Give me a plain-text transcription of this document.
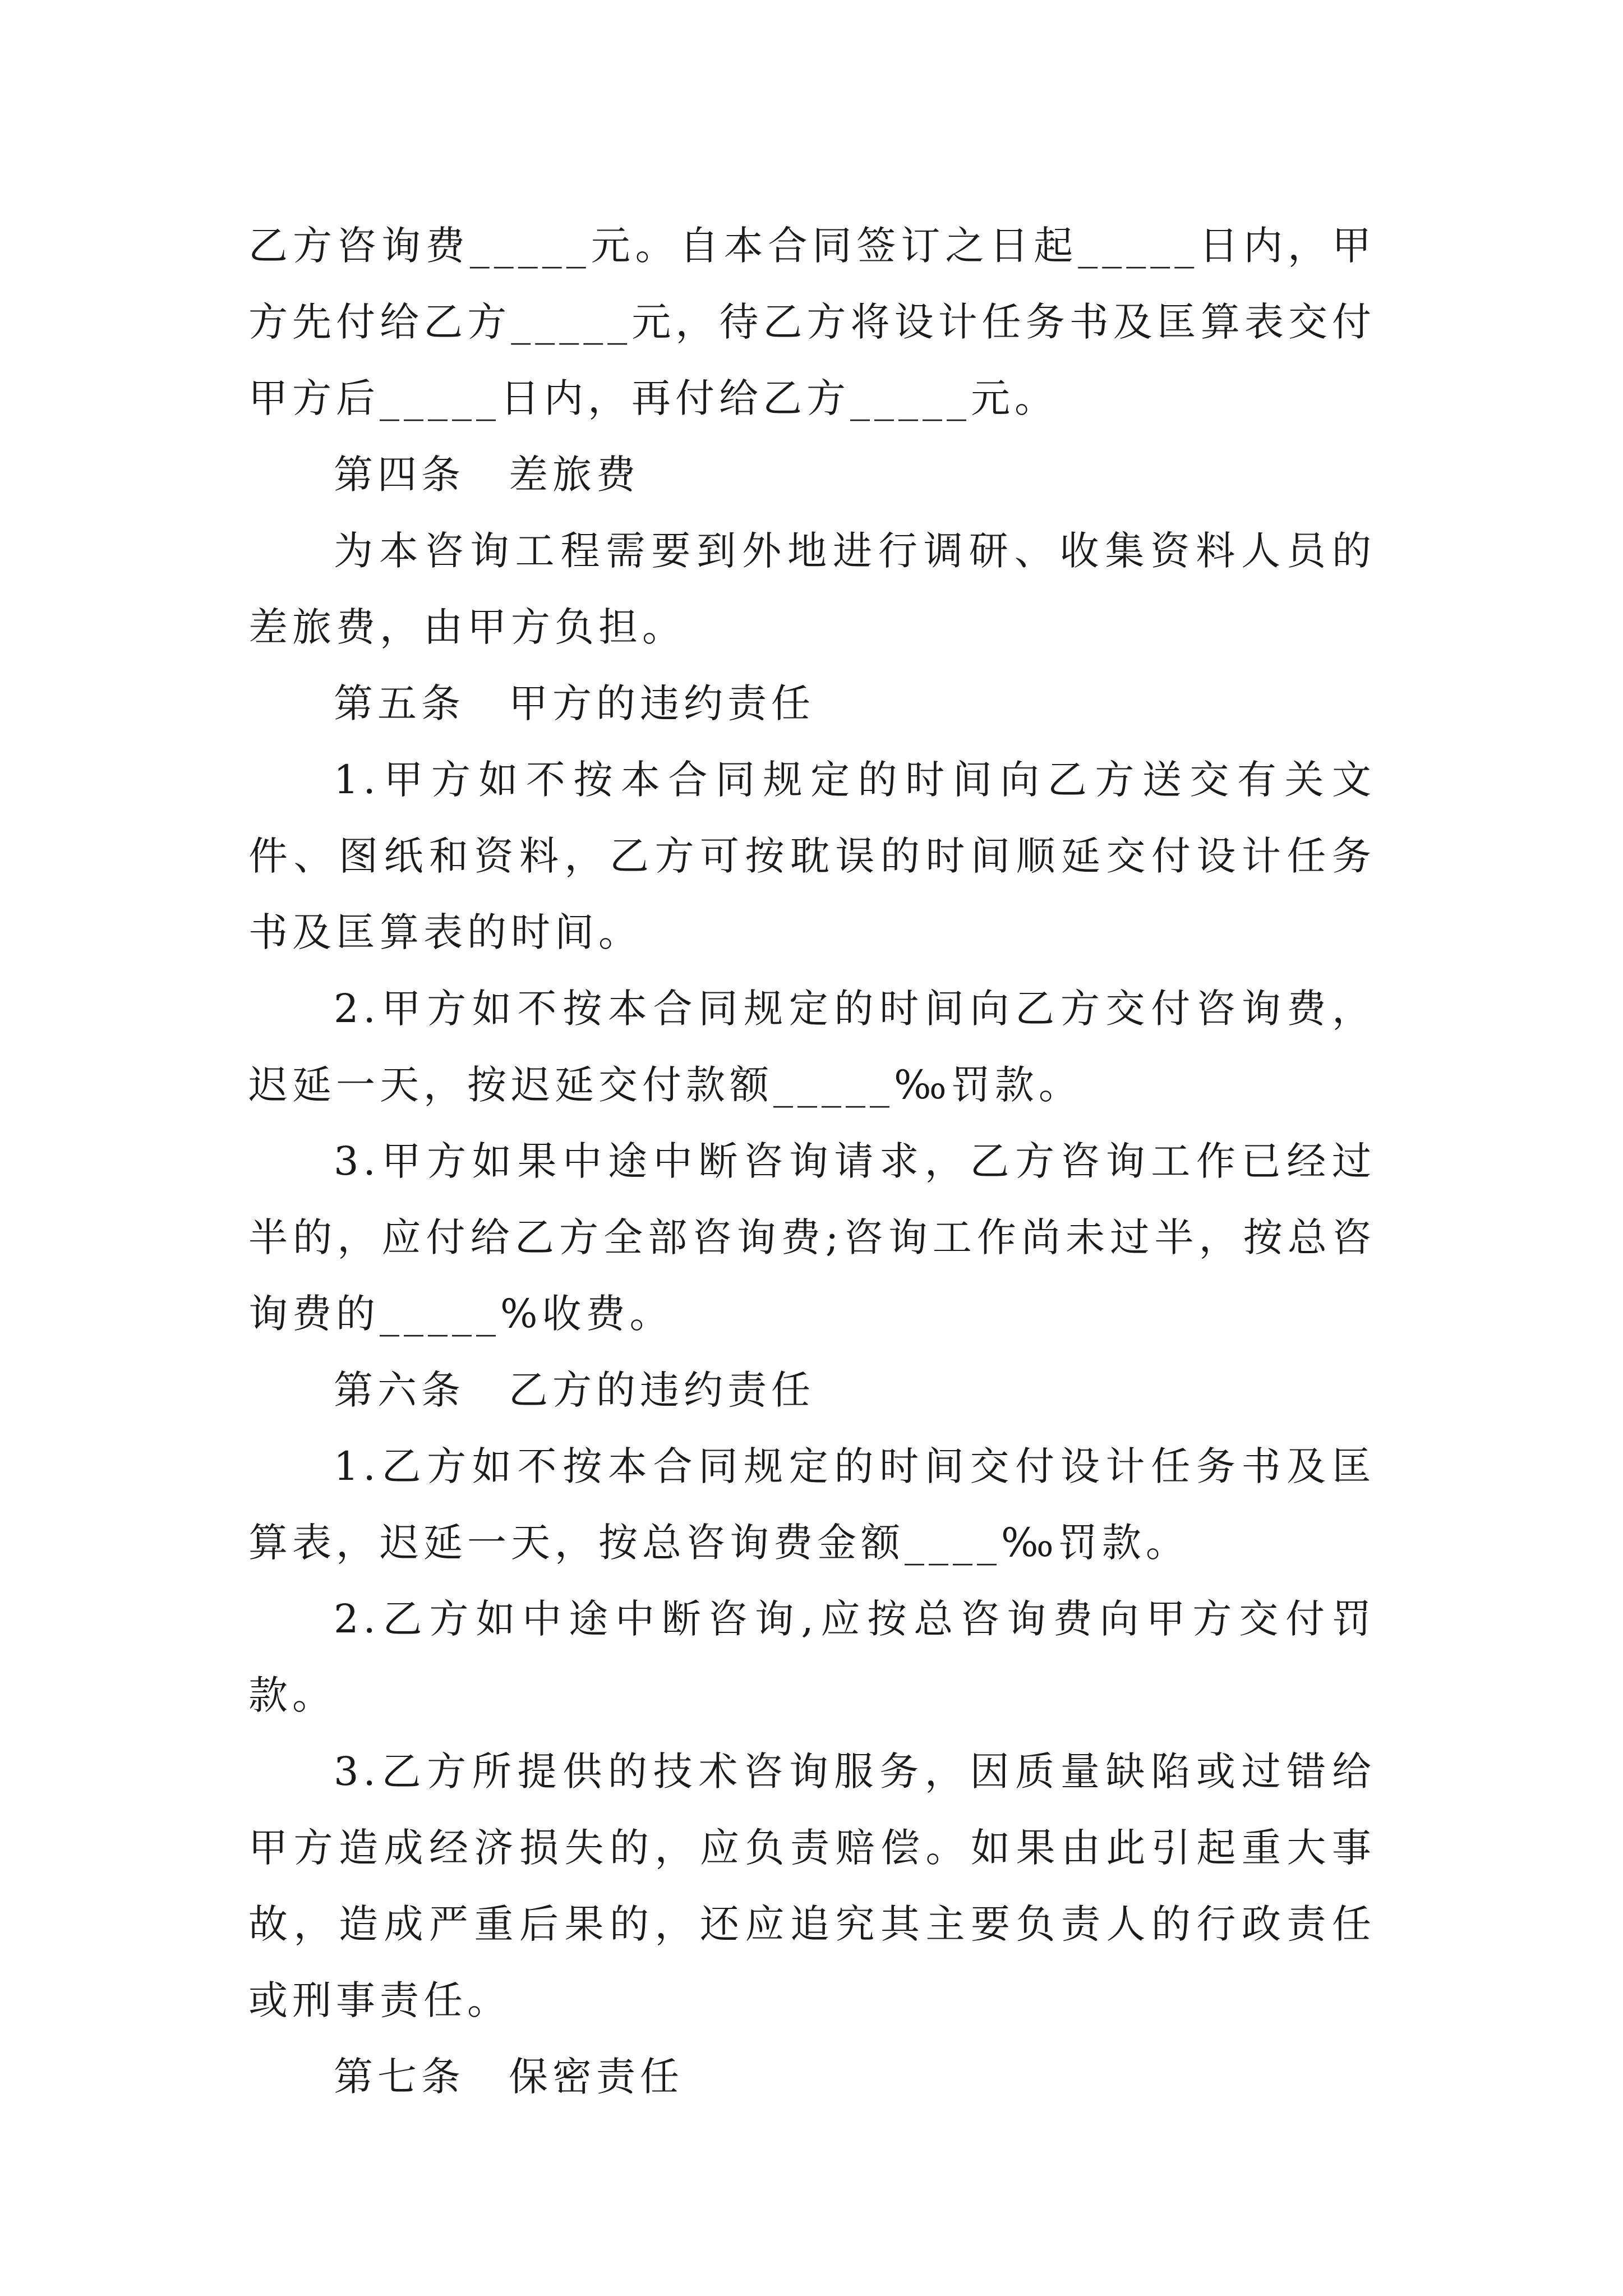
乙方咨询费_____元。自本合同签订之日起_____日内，甲方先付给乙方_____元，待乙方将设计任务书及匡算表交付甲方后_____日内，再付给乙方_____元。

第四条　差旅费

为本咨询工程需要到外地进行调研、收集资料人员的差旅费，由甲方负担。

第五条　甲方的违约责任

1.甲方如不按本合同规定的时间向乙方送交有关文件、图纸和资料，乙方可按耽误的时间顺延交付设计任务书及匡算表的时间。

2.甲方如不按本合同规定的时间向乙方交付咨询费，迟延一天，按迟延交付款额_____‰罚款。

3.甲方如果中途中断咨询请求，乙方咨询工作已经过半的，应付给乙方全部咨询费;咨询工作尚未过半，按总咨询费的_____%收费。

第六条　乙方的违约责任

1.乙方如不按本合同规定的时间交付设计任务书及匡算表，迟延一天，按总咨询费金额____‰罚款。

2.乙方如中途中断咨询,应按总咨询费向甲方交付罚款。

3.乙方所提供的技术咨询服务，因质量缺陷或过错给甲方造成经济损失的，应负责赔偿。如果由此引起重大事故，造成严重后果的，还应追究其主要负责人的行政责任或刑事责任。

第七条　保密责任
